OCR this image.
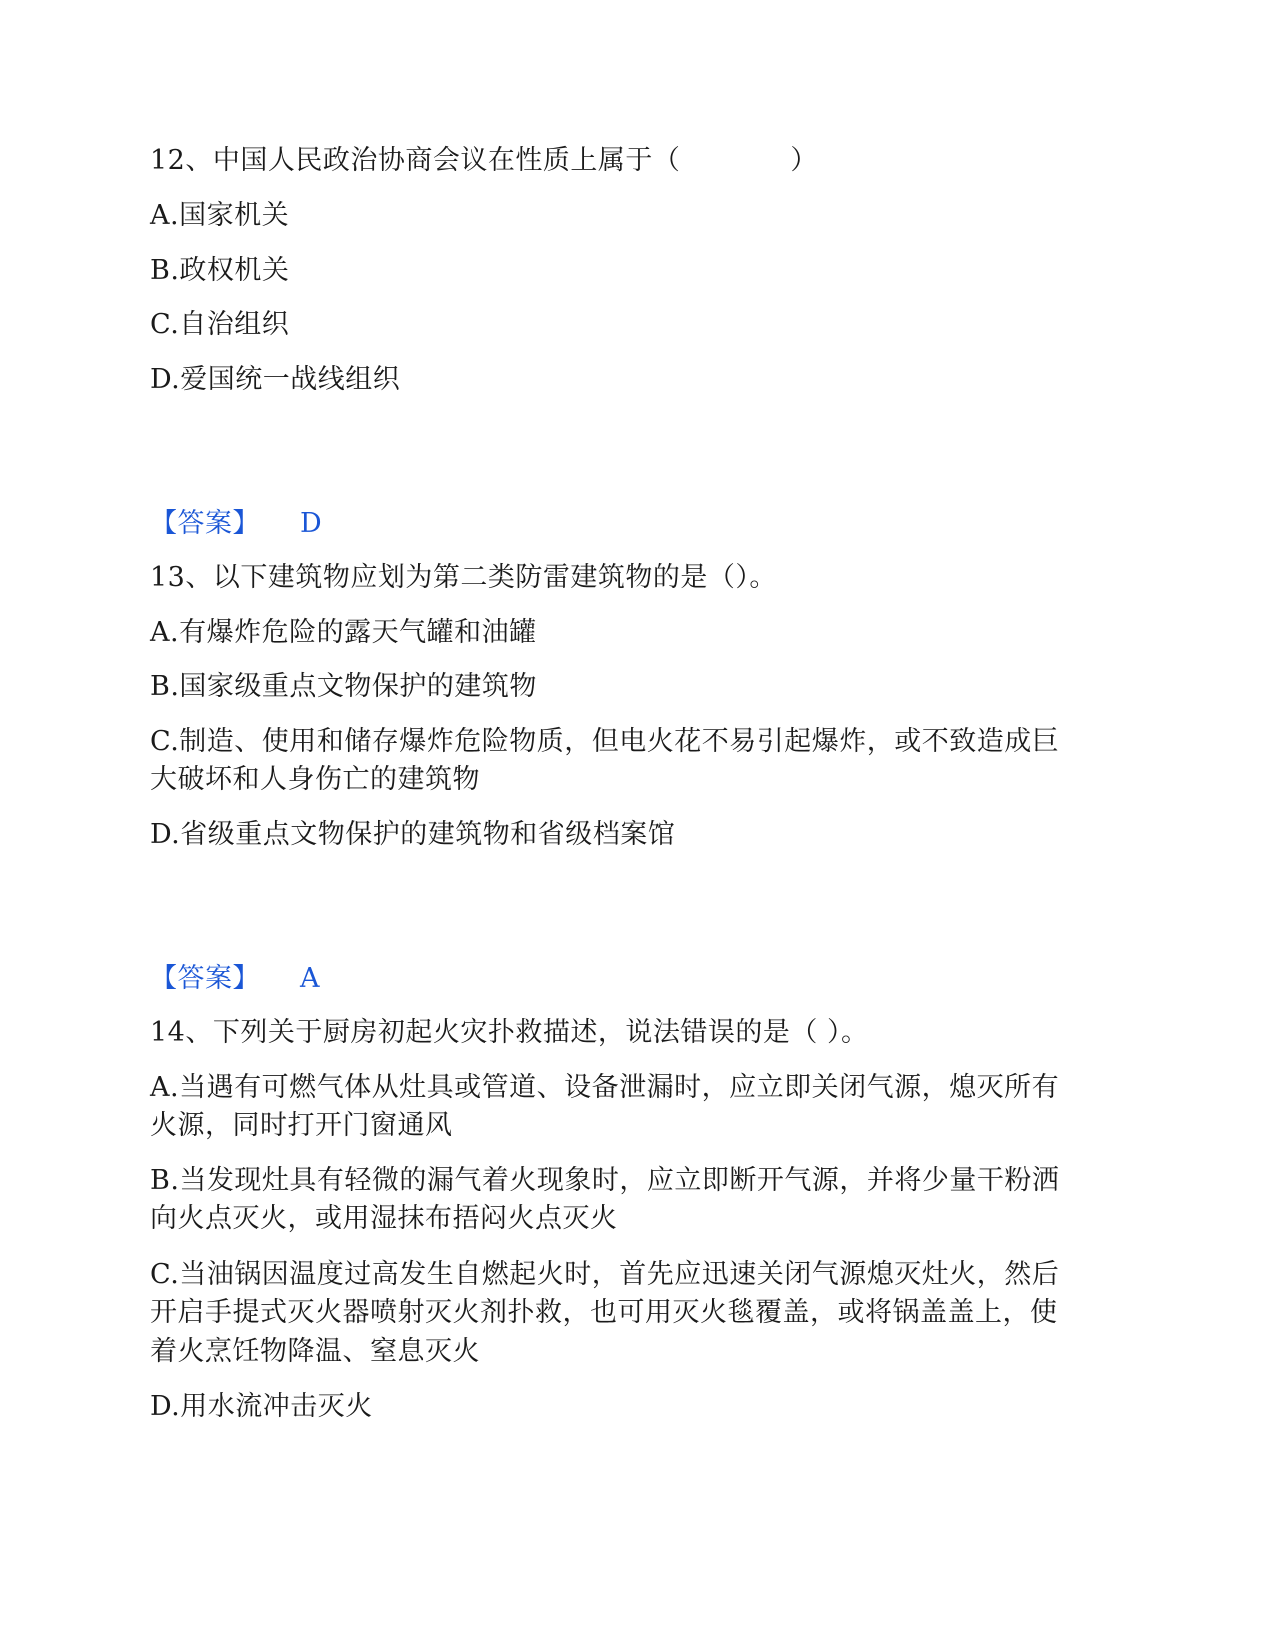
12、中国人民政治协商会议在性质上属于（　　　　）
A.国家机关
B.政权机关
C.自治组织
D.爱国统一战线组织
【答案】 D
13、以下建筑物应划为第二类防雷建筑物的是（）。
A.有爆炸危险的露天气罐和油罐
B.国家级重点文物保护的建筑物
C.制造、使用和储存爆炸危险物质，但电火花不易引起爆炸，或不致造成巨
大破坏和人身伤亡的建筑物
D.省级重点文物保护的建筑物和省级档案馆
【答案】 A
14、下列关于厨房初起火灾扑救描述，说法错误的是（ ）。
A.当遇有可燃气体从灶具或管道、设备泄漏时，应立即关闭气源，熄灭所有
火源，同时打开门窗通风
B.当发现灶具有轻微的漏气着火现象时，应立即断开气源，并将少量干粉洒
向火点灭火，或用湿抹布捂闷火点灭火
C.当油锅因温度过高发生自燃起火时，首先应迅速关闭气源熄灭灶火，然后
开启手提式灭火器喷射灭火剂扑救，也可用灭火毯覆盖，或将锅盖盖上，使
着火烹饪物降温、窒息灭火
D.用水流冲击灭火
